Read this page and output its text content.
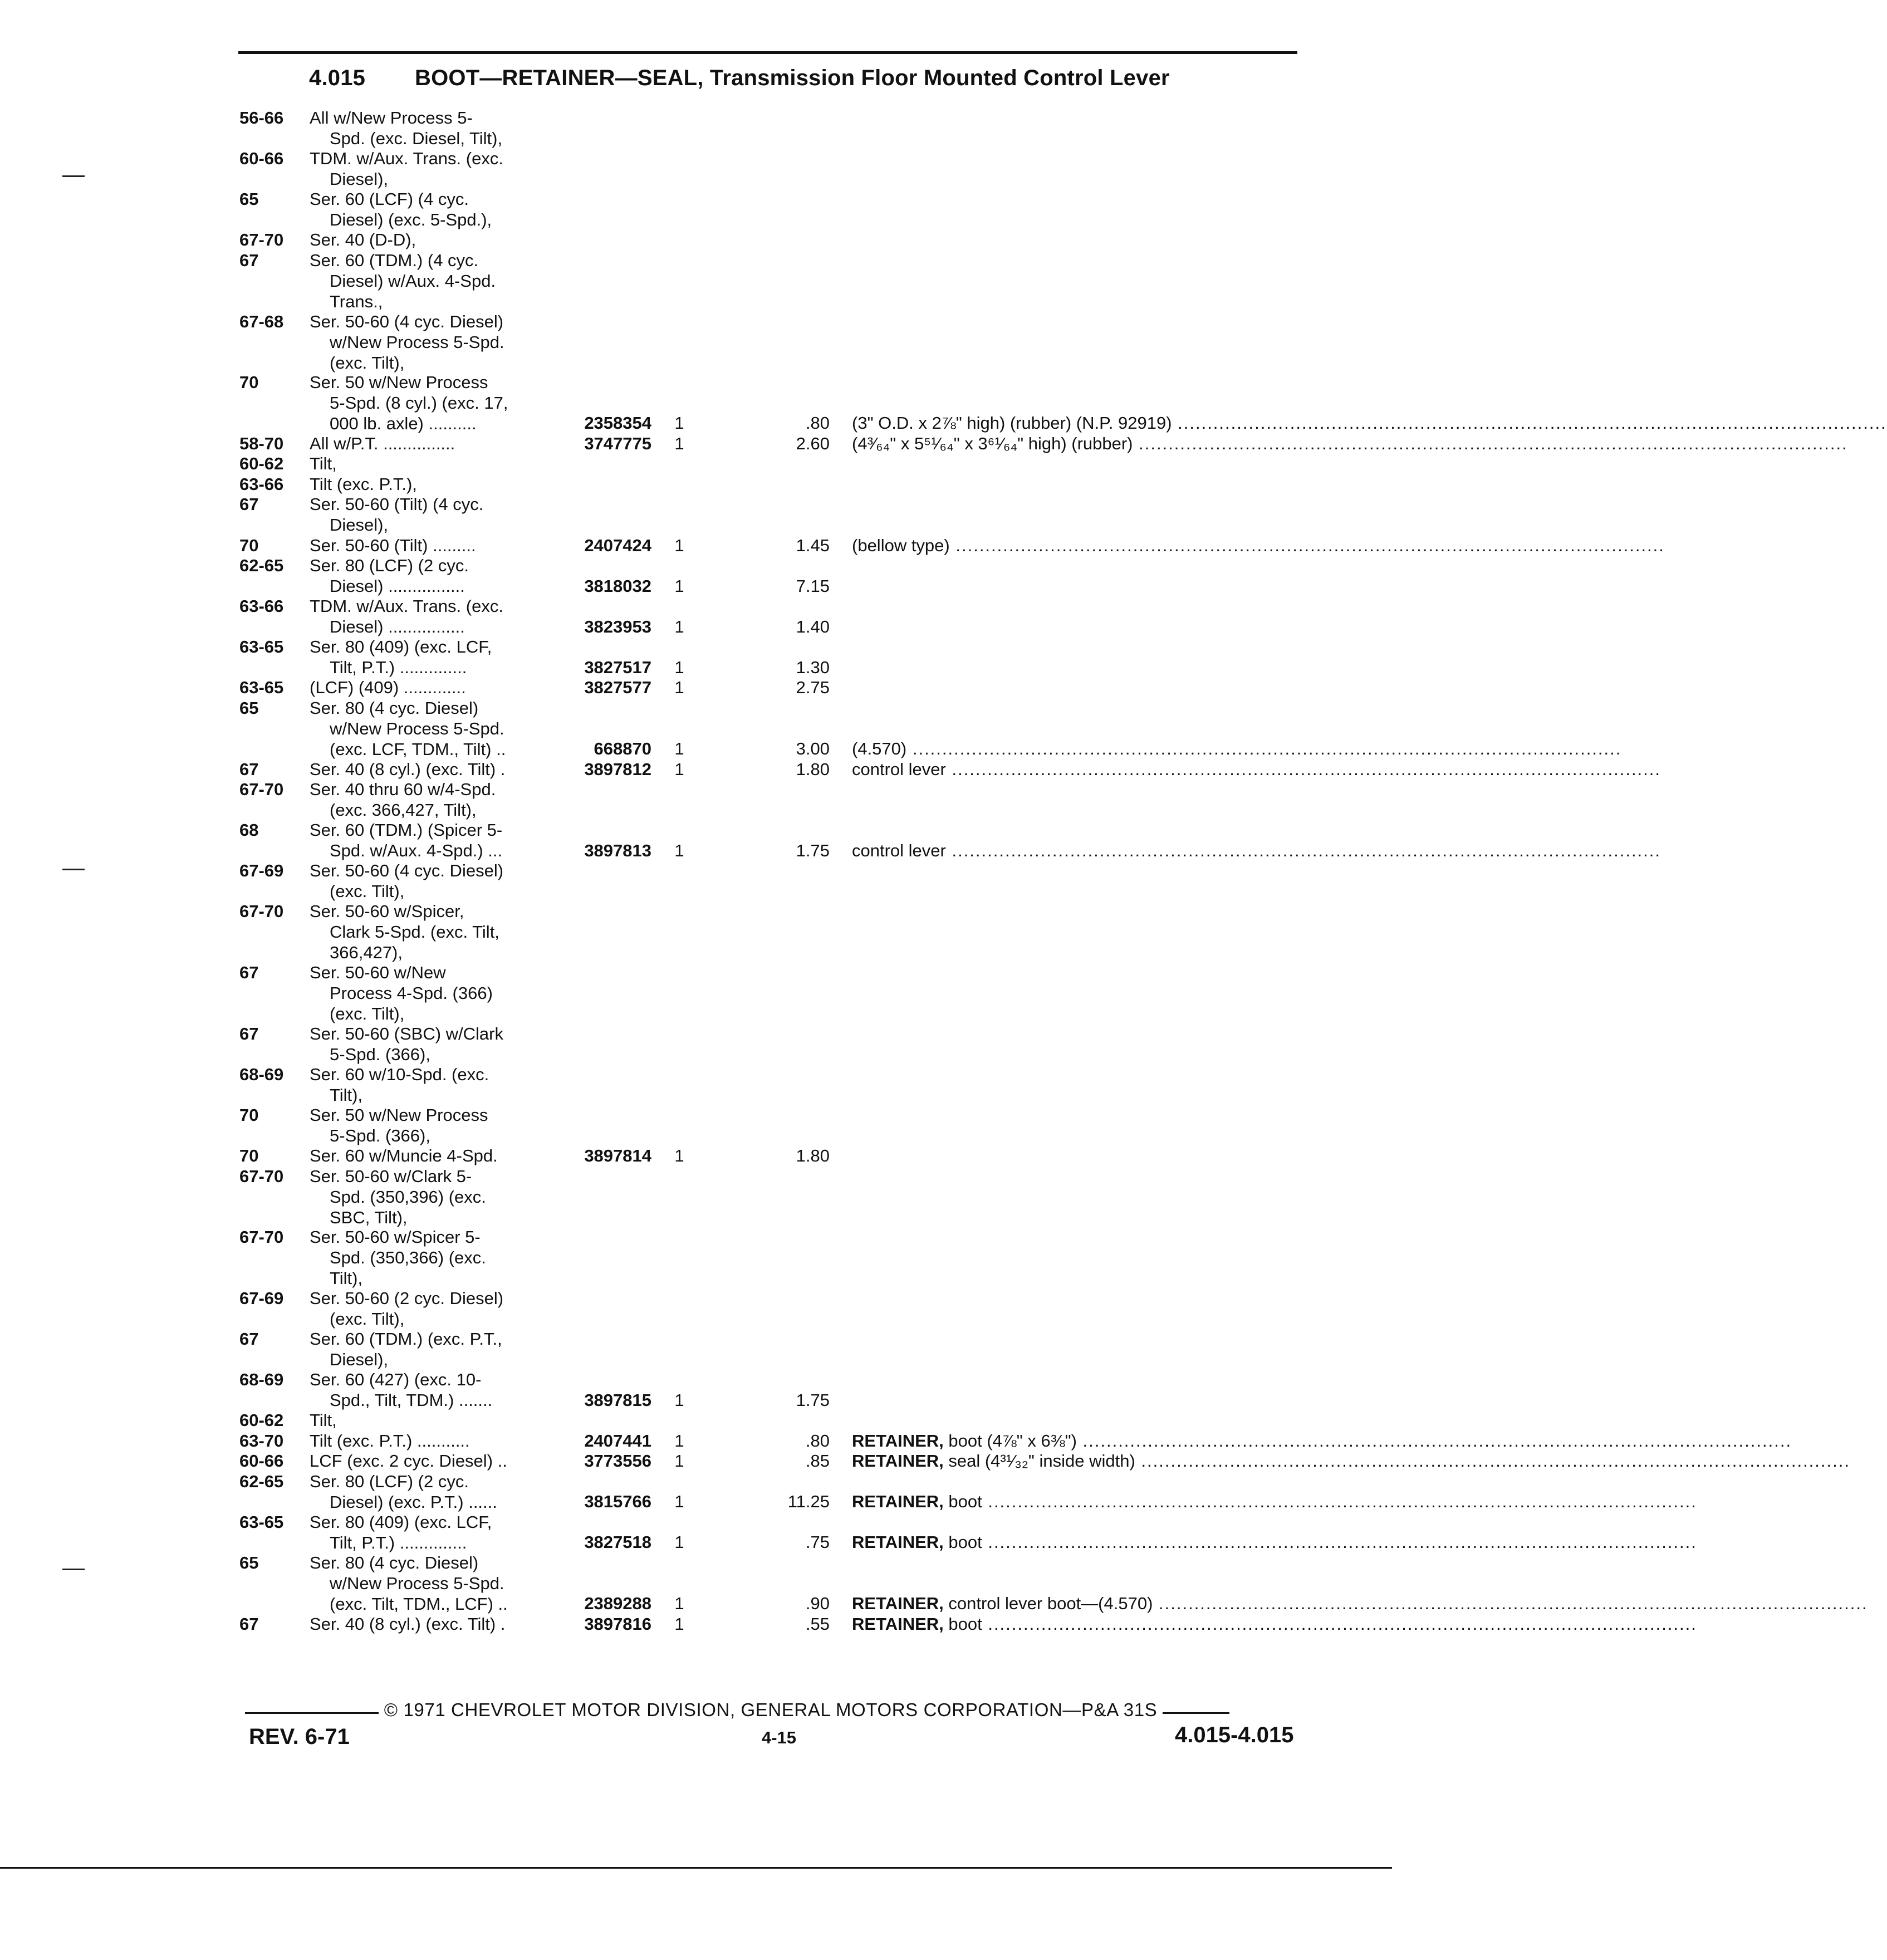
4.015 BOOT—RETAINER—SEAL, Transmission Floor Mounted Control Lever
56-66 All w/New Process 5-
Spd. (exc. Diesel, Tilt),
60-66 TDM. w/Aux. Trans. (exc.
Diesel),
65	Ser. 60 (LCF) (4 cyc.
Diesel) (exc. 5-Spd.),
67-70 Ser. 40 (D-D),
67	Ser. 60 (TDM.) (4 cyc.
Diesel) w/Aux. 4-Spd.
Trans.,
67-68 Ser. 50-60 (4 cyc. Diesel)
w/New Process 5-Spd.
(exc. Tilt),
70	Ser. 50 w/New Process
5-Spd. (8 cyl.) (exc. 17,
000 lb. axle) ..........	2358354 1	.80 (3" O.D. x 2⅞" high) (rubber) (N.P. 92919) ........................................................................................................................
58-70 All w/P.T. ...............	3747775 1	2.60 (4³⁄₆₄" x 5⁵¹⁄₆₄" x 3⁶¹⁄₆₄" high) (rubber) ........................................................................................................................
60-62 Tilt,
63-66 Tilt (exc. P.T.),
67	Ser. 50-60 (Tilt) (4 cyc.
Diesel),
70	Ser. 50-60 (Tilt) .........	2407424 1	1.45 (bellow type) ........................................................................................................................
62-65 Ser. 80 (LCF) (2 cyc.
Diesel) ................	3818032 1	7.15
63-66 TDM. w/Aux. Trans. (exc.
Diesel) ................	3823953 1	1.40
63-65 Ser. 80 (409) (exc. LCF,
Tilt, P.T.) ..............	3827517 1	1.30
63-65 (LCF) (409) .............	3827577 1	2.75
65	Ser. 80 (4 cyc. Diesel)
w/New Process 5-Spd.
(exc. LCF, TDM., Tilt) ..	668870 1	3.00 (4.570) ........................................................................................................................
67	Ser. 40 (8 cyl.) (exc. Tilt) .	3897812 1	1.80 control lever ........................................................................................................................
67-70 Ser. 40 thru 60 w/4-Spd.
(exc. 366,427, Tilt),
68	Ser. 60 (TDM.) (Spicer 5-
Spd. w/Aux. 4-Spd.) ...	3897813 1	1.75 control lever ........................................................................................................................
67-69 Ser. 50-60 (4 cyc. Diesel)
(exc. Tilt),
67-70 Ser. 50-60 w/Spicer,
Clark 5-Spd. (exc. Tilt,
366,427),
67	Ser. 50-60 w/New
Process 4-Spd. (366)
(exc. Tilt),
67	Ser. 50-60 (SBC) w/Clark
5-Spd. (366),
68-69 Ser. 60 w/10-Spd. (exc.
Tilt),
70	Ser. 50 w/New Process
5-Spd. (366),
70	Ser. 60 w/Muncie 4-Spd.	3897814 1	1.80
67-70 Ser. 50-60 w/Clark 5-
Spd. (350,396) (exc.
SBC, Tilt),
67-70 Ser. 50-60 w/Spicer 5-
Spd. (350,366) (exc.
Tilt),
67-69 Ser. 50-60 (2 cyc. Diesel)
(exc. Tilt),
67	Ser. 60 (TDM.) (exc. P.T.,
Diesel),
68-69 Ser. 60 (427) (exc. 10-
Spd., Tilt, TDM.) .......	3897815 1	1.75
60-62 Tilt,
63-70 Tilt (exc. P.T.) ...........	2407441 1	.80 RETAINER, boot (4⅞" x 6⅜") ........................................................................................................................
60-66 LCF (exc. 2 cyc. Diesel) ..	3773556 1	.85 RETAINER, seal (4³¹⁄₃₂" inside width) ........................................................................................................................
62-65 Ser. 80 (LCF) (2 cyc.
Diesel) (exc. P.T.) ......	3815766 1	11.25 RETAINER, boot ........................................................................................................................
63-65 Ser. 80 (409) (exc. LCF,
Tilt, P.T.) ..............	3827518 1	.75 RETAINER, boot ........................................................................................................................
65	Ser. 80 (4 cyc. Diesel)
w/New Process 5-Spd.
(exc. Tilt, TDM., LCF) ..	2389288 1	.90 RETAINER, control lever boot—(4.570) ........................................................................................................................
67	Ser. 40 (8 cyl.) (exc. Tilt) .	3897816 1	.55 RETAINER, boot ........................................................................................................................
© 1971 CHEVROLET MOTOR DIVISION, GENERAL MOTORS CORPORATION—P&A 31S
REV. 6-71	4-15	4.015-4.015
